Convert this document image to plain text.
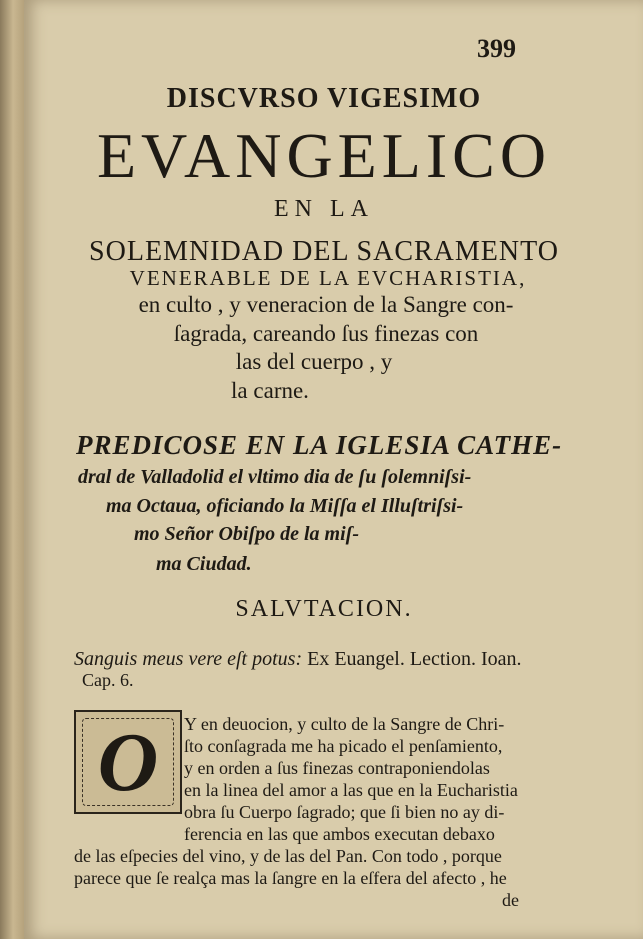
399
DISCVRSO VIGESIMO
EVANGELICO
EN LA
SOLEMNIDAD DEL SACRAMENTO
VENERABLE DE LA EVCHARISTIA,
en culto , y veneracion de la Sangre con-
ſagrada, careando ſus finezas con
las del cuerpo , y
la carne.
PREDICOSE EN LA IGLESIA CATHE-
dral de Valladolid el vltimo dia de ſu ſolemniſsi-
ma Octaua, oficiando la Miſſa el Illuſtriſsi-
mo Señor Obiſpo de la miſ-
ma Ciudad.
SALVTACION.
Sanguis meus vere eſt potus: Ex Euangel. Lection. Ioan.
Cap. 6.
O Y en deuocion, y culto de la Sangre de Chri-
ſto conſagrada me ha picado el penſamiento,
y en orden a ſus finezas contraponiendolas
en la linea del amor a las que en la Eucharistia
obra ſu Cuerpo ſagrado; que ſi bien no ay di-
ferencia en las que ambos executan debaxo
de las eſpecies del vino, y de las del Pan. Con todo , porque
parece que ſe realça mas la ſangre en la eſfera del afecto , he
de
